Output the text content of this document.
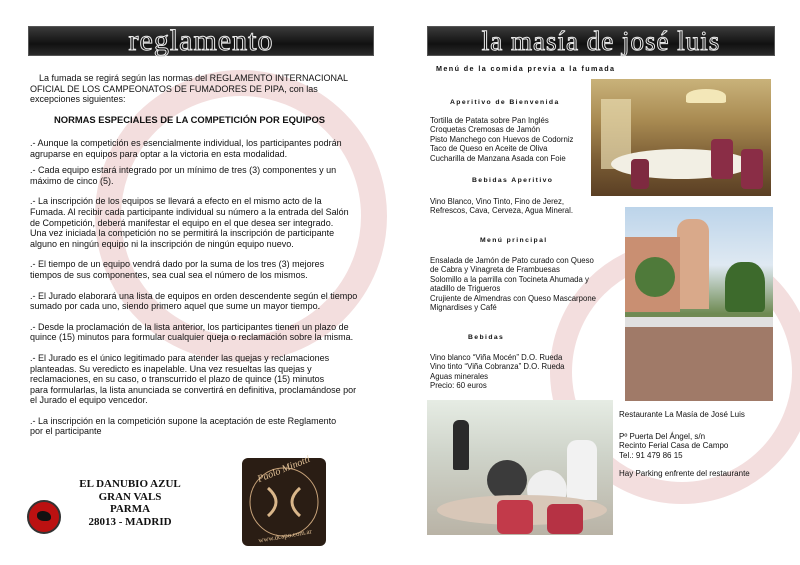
reglamento
La fumada se regirá según las normas del REGLAMENTO INTERNACIONAL
OFICIAL DE LOS CAMPEONATOS DE FUMADORES DE PIPA, con las
excepciones siguientes:
NORMAS ESPECIALES DE LA COMPETICIÓN POR EQUIPOS
.- Aunque la competición es esencialmente individual, los participantes podrán
agruparse en equipos para optar a la victoria en esta modalidad.
.- Cada equipo estará integrado por un mínimo de tres (3) componentes y un
máximo de cinco (5).
.- La inscripción de los equipos se llevará a efecto en el mismo acto de la
Fumada. Al recibir cada participante individual su número a la entrada del Salón
de Competición, deberá manifestar el equipo en el que desea ser integrado.
Una vez iniciada la competición no se permitirá la inscripción de participante
alguno en ningún equipo ni la inscripción de ningún equipo nuevo.
.- El tiempo de un equipo vendrá dado por la suma de los tres (3) mejores
tiempos de sus componentes, sea cual sea el número de los mismos.
.- El Jurado elaborará una lista de equipos en orden descendente según el tiempo
sumado por cada uno, siendo primero aquel que sume un mayor tiempo.
.- Desde la proclamación de la lista anterior, los participantes tienen un plazo de
quince (15) minutos para formular cualquier queja o reclamación sobre la misma.
.- El Jurado es el único legitimado para atender las quejas y reclamaciones
planteadas. Su veredicto es inapelable. Una vez resueltas las quejas y
reclamaciones, en su caso, o transcurrido el plazo de quince (15) minutos
para formularlas, la lista anunciada se convertirá en definitiva, proclamándose por
el Jurado el equipo vencedor.
.- La inscripción en la competición supone la aceptación de este Reglamento
por el participante
EL DANUBIO AZUL
GRAN VALS
PARMA
28013 - MADRID
Paolo Minotti
www.dcapo.com.ar
la masía de josé luis
Menú de la comida previa a la fumada
Aperitivo de Bienvenida
Tortilla de Patata sobre Pan Inglés
Croquetas Cremosas de Jamón
Pisto Manchego con Huevos de Codorniz
Taco de Queso en Aceite de Oliva
Cucharilla de Manzana Asada con Foie
Bebidas Aperitivo
Vino Blanco, Vino Tinto, Fino de Jerez,
Refrescos, Cava, Cerveza, Agua Mineral.
Menú principal
Ensalada de Jamón de Pato curado con Queso
de Cabra y Vinagreta de Frambuesas
Solomillo a la parrilla con Tocineta Ahumada y
atadillo de Trigueros
Crujiente de Almendras con Queso Mascarpone
Mignardises y Café
Bebidas
Vino blanco “Viña Mocén” D.O. Rueda
Vino tinto “Viña Cobranza” D.O. Rueda
Aguas minerales
Precio: 60 euros
Restaurante La Masía de José Luis
Pº Puerta Del Ángel, s/n
Recinto Ferial Casa de Campo
Tel.: 91 479 86 15
Hay Parking enfrente del restaurante
